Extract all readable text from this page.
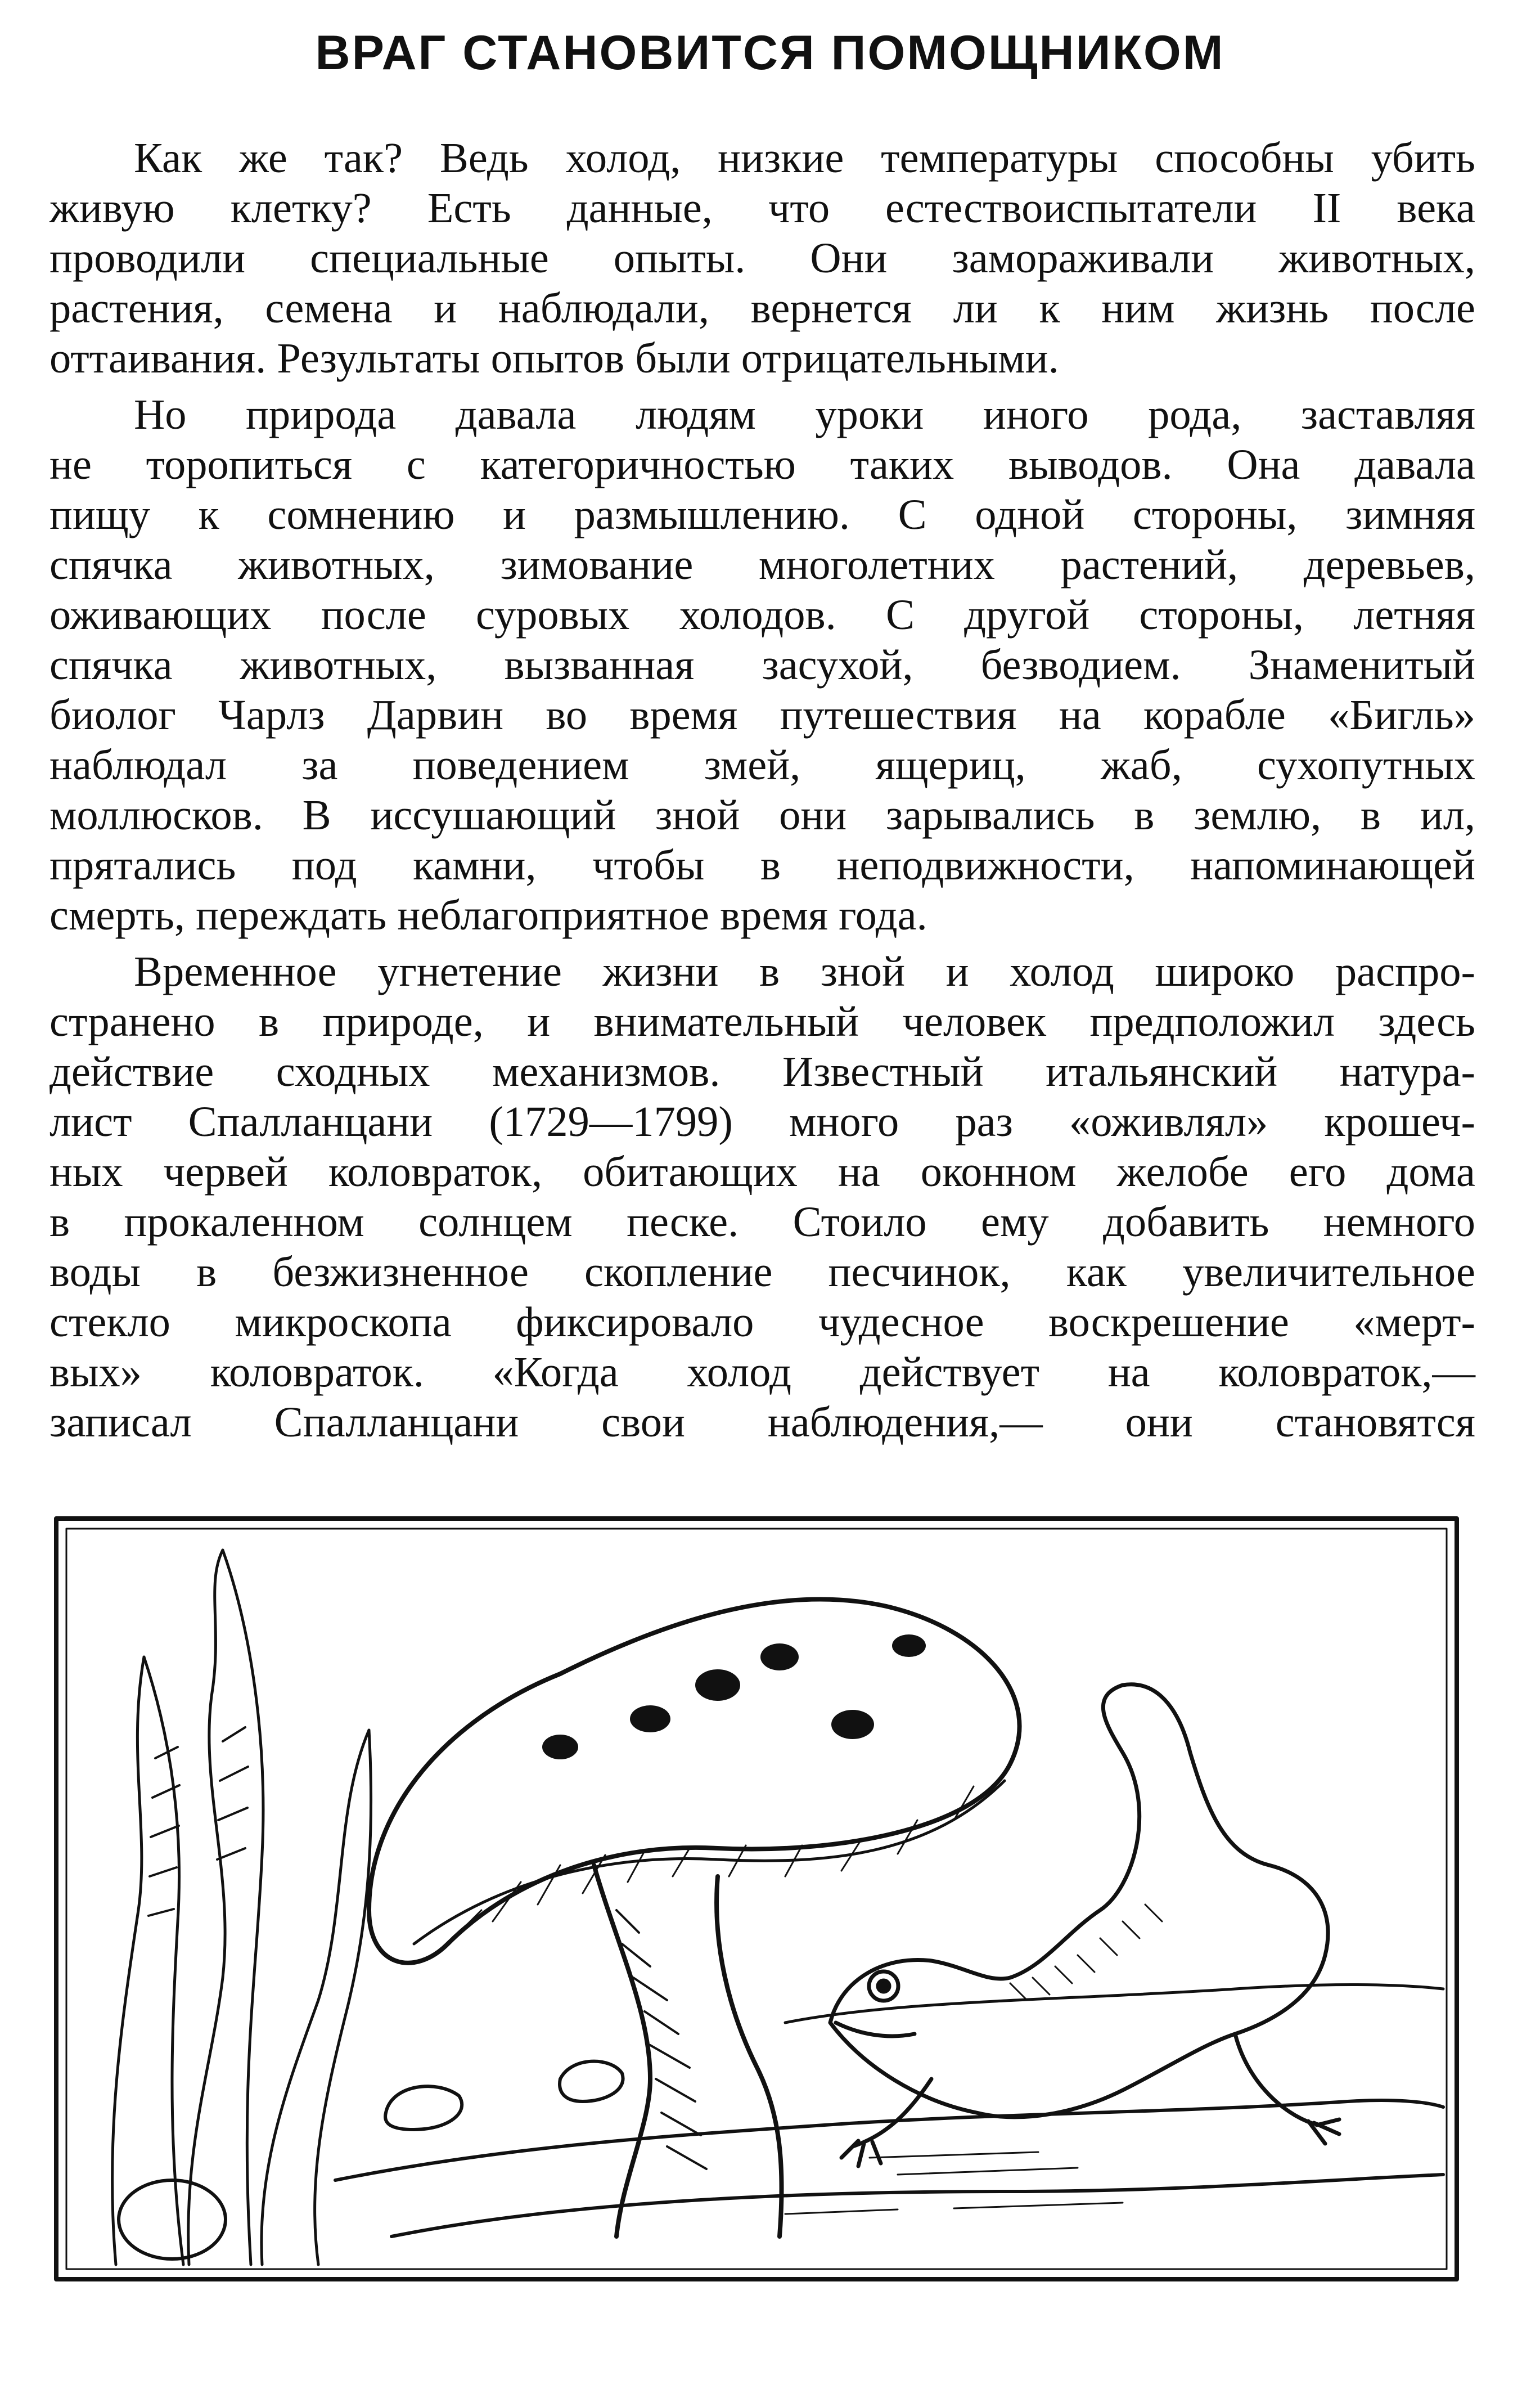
ВРАГ СТАНОВИТСЯ ПОМОЩНИКОМ

Как же так? Ведь холод, низкие температуры способны убить
живую клетку? Есть данные, что естествоиспытатели II века
проводили специальные опыты. Они замораживали животных,
растения, семена и наблюдали, вернется ли к ним жизнь после
оттаивания. Результаты опытов были отрицательными.

Но природа давала людям уроки иного рода, заставляя
не торопиться с категоричностью таких выводов. Она давала
пищу к сомнению и размышлению. С одной стороны, зимняя
спячка животных, зимование многолетних растений, деревьев,
оживающих после суровых холодов. С другой стороны, летняя
спячка животных, вызванная засухой, безводием. Знаменитый
биолог Чарлз Дарвин во время путешествия на корабле «Бигль»
наблюдал за поведением змей, ящериц, жаб, сухопутных
моллюсков. В иссушающий зной они зарывались в землю, в ил,
прятались под камни, чтобы в неподвижности, напоминающей
смерть, переждать неблагоприятное время года.

Временное угнетение жизни в зной и холод широко распро-
странено в природе, и внимательный человек предположил здесь
действие сходных механизмов. Известный итальянский натура-
лист Спалланцани (1729—1799) много раз «оживлял» крошеч-
ных червей коловраток, обитающих на оконном желобе его дома
в прокаленном солнцем песке. Стоило ему добавить немного
воды в безжизненное скопление песчинок, как увеличительное
стекло микроскопа фиксировало чудесное воскрешение «мерт-
вых» коловраток. «Когда холод действует на коловраток,—
записал Спалланцани свои наблюдения,— они становятся
